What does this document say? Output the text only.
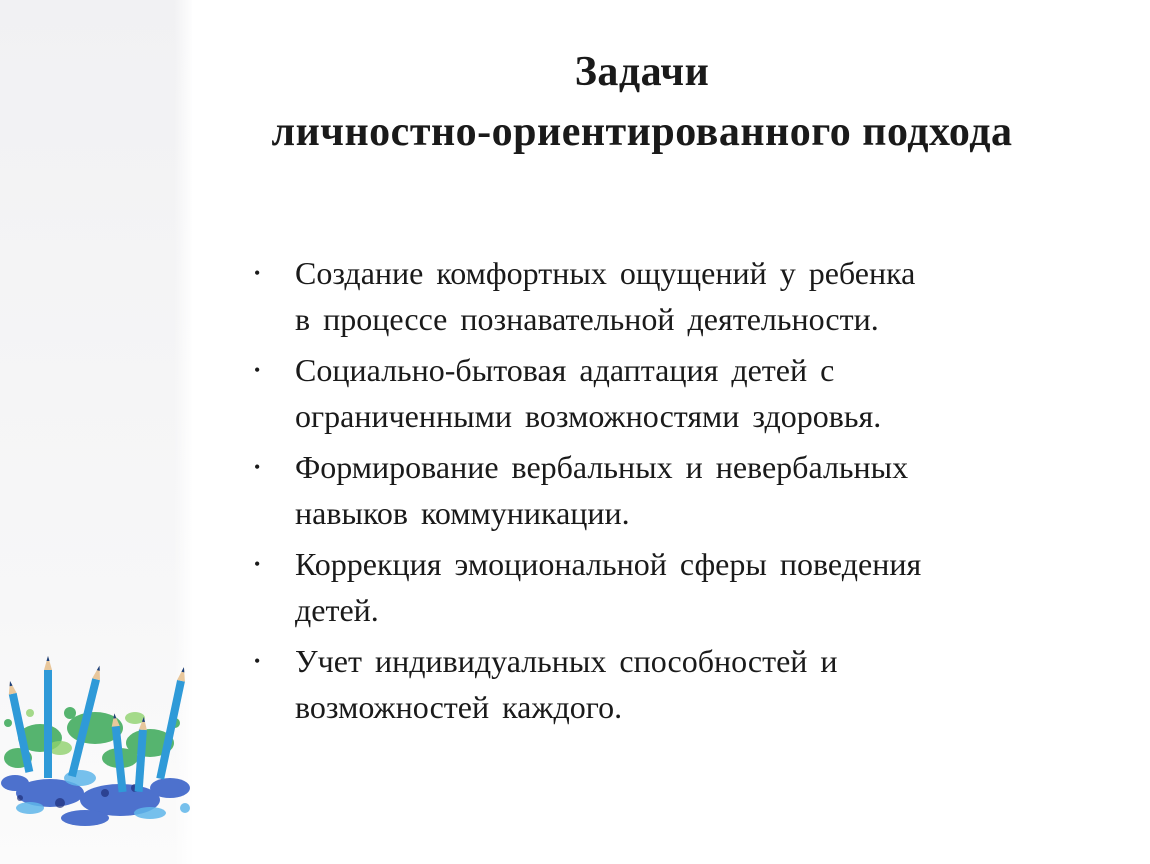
Задачи
личностно-ориентированного подхода
• Создание комфортных ощущений у ребенка
в процессе познавательной деятельности.
• Социально-бытовая адаптация детей с
ограниченными возможностями здоровья.
• Формирование вербальных и невербальных
навыков коммуникации.
• Коррекция эмоциональной сферы поведения
детей.
• Учет индивидуальных способностей и
возможностей каждого.
